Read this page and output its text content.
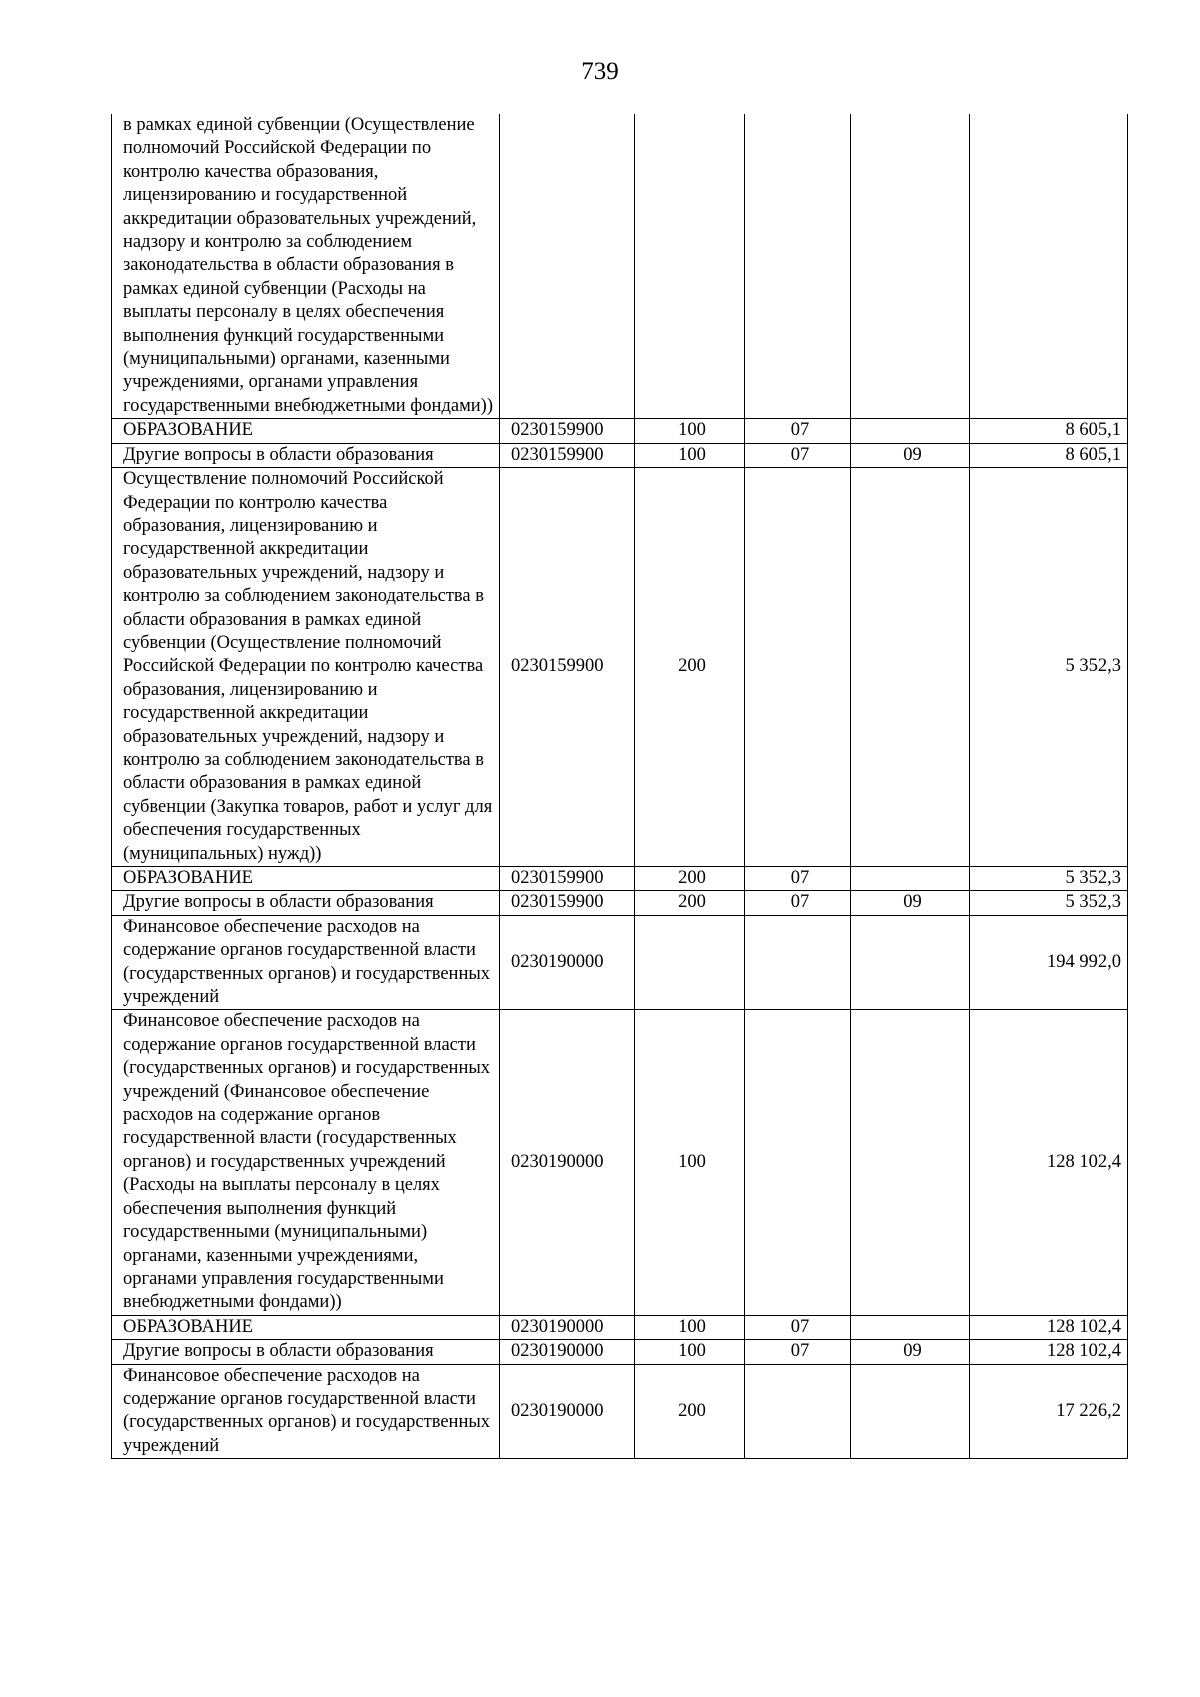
739
в рамках единой субвенции (Осуществление полномочий Российской Федерации по контролю качества образования, лицензированию и государственной аккредитации образовательных учреждений, надзору и контролю за соблюдением законодательства в области образования в рамках единой субвенции (Расходы на выплаты персоналу в целях обеспечения выполнения функций государственными (муниципальными) органами, казенными учреждениями, органами управления государственными внебюджетными фондами))					
ОБРАЗОВАНИЕ	0230159900	100	07		8 605,1
Другие вопросы в области образования	0230159900	100	07	09	8 605,1
Осуществление полномочий Российской Федерации по контролю качества образования, лицензированию и государственной аккредитации образовательных учреждений, надзору и контролю за соблюдением законодательства в области образования в рамках единой субвенции (Осуществление полномочий Российской Федерации по контролю качества образования, лицензированию и государственной аккредитации образовательных учреждений, надзору и контролю за соблюдением законодательства в области образования в рамках единой субвенции (Закупка товаров, работ и услуг для обеспечения государственных (муниципальных) нужд))	0230159900	200			5 352,3
ОБРАЗОВАНИЕ	0230159900	200	07		5 352,3
Другие вопросы в области образования	0230159900	200	07	09	5 352,3
Финансовое обеспечение расходов на содержание органов государственной власти (государственных органов) и государственных учреждений	0230190000				194 992,0
Финансовое обеспечение расходов на содержание органов государственной власти (государственных органов) и государственных учреждений (Финансовое обеспечение расходов на содержание органов государственной власти (государственных органов) и государственных учреждений (Расходы на выплаты персоналу в целях обеспечения выполнения функций государственными (муниципальными) органами, казенными учреждениями, органами управления государственными внебюджетными фондами))	0230190000	100			128 102,4
ОБРАЗОВАНИЕ	0230190000	100	07		128 102,4
Другие вопросы в области образования	0230190000	100	07	09	128 102,4
Финансовое обеспечение расходов на содержание органов государственной власти (государственных органов) и государственных учреждений	0230190000	200			17 226,2
